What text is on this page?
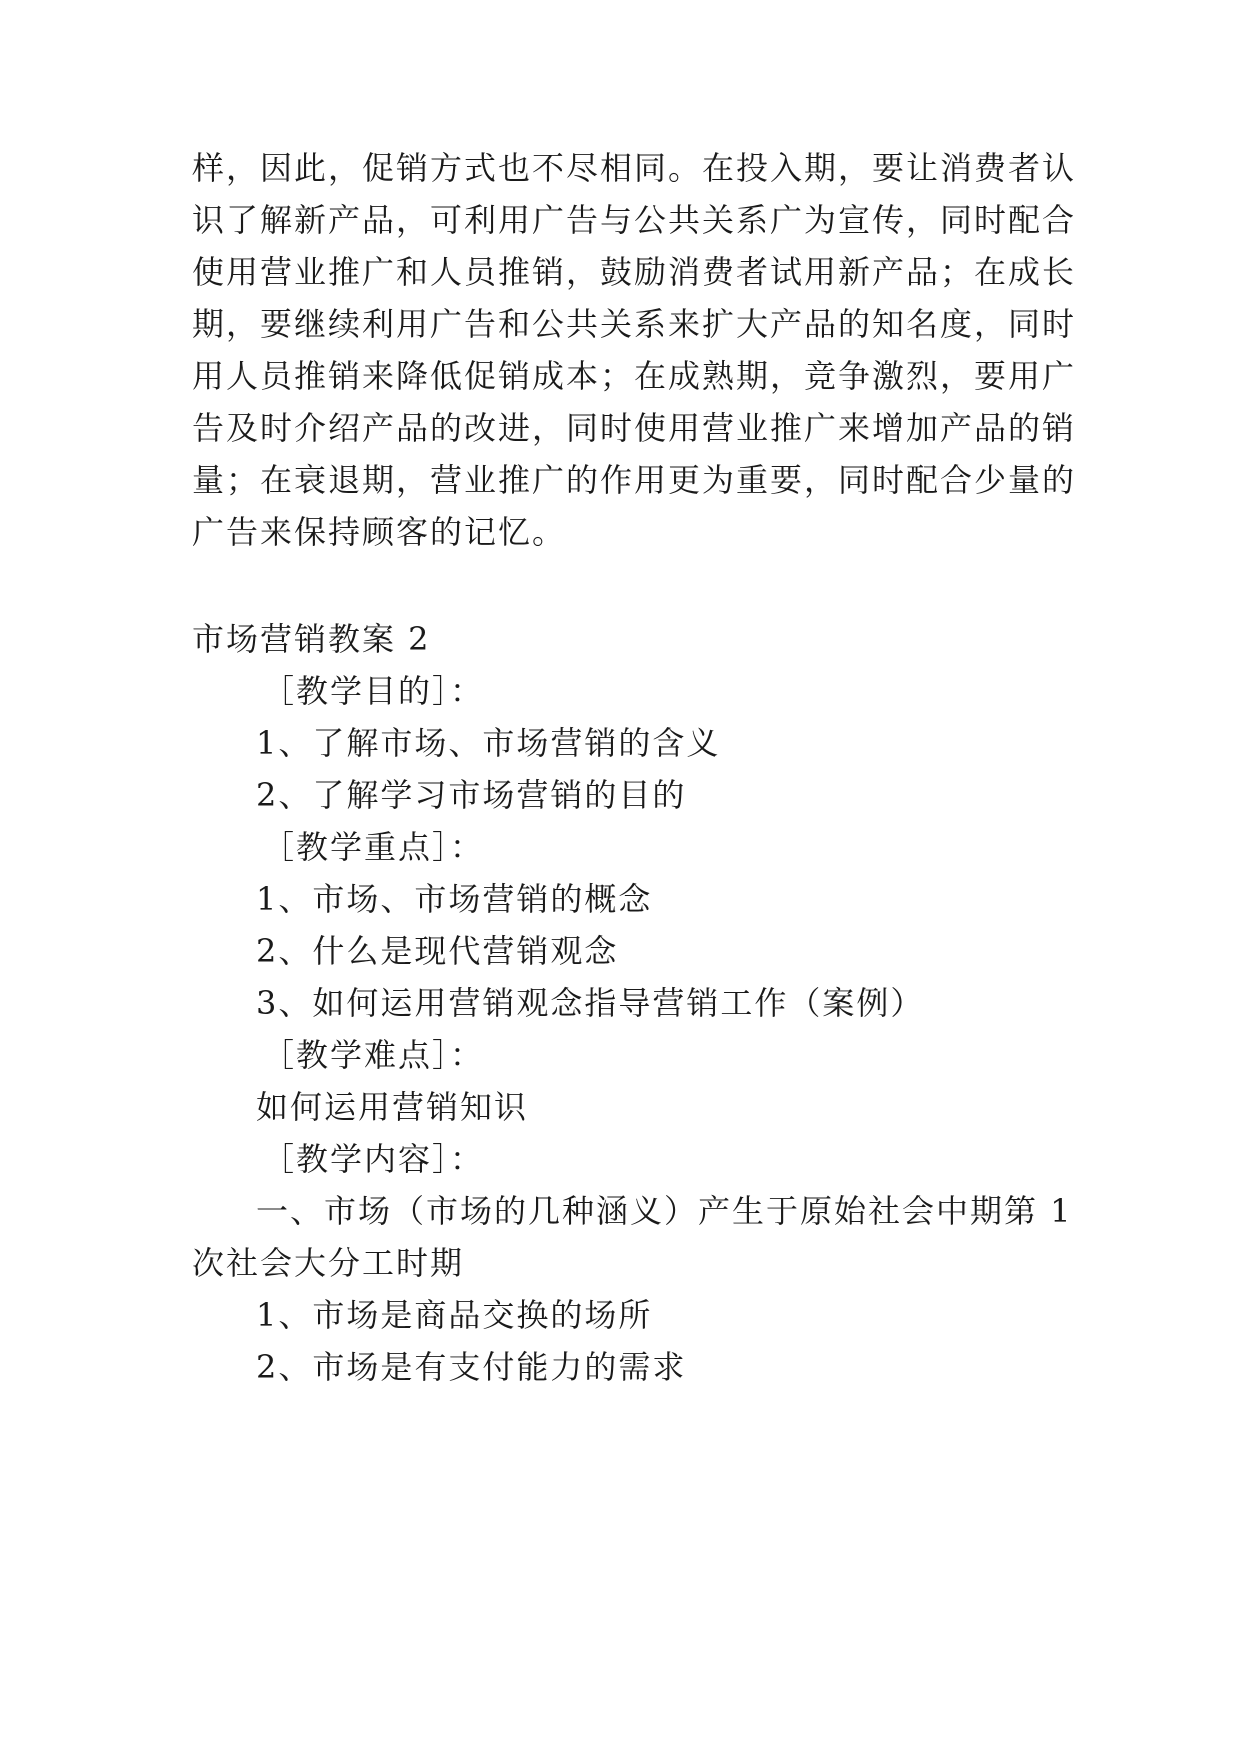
样，因此，促销方式也不尽相同。在投入期，要让消费者认
识了解新产品，可利用广告与公共关系广为宣传，同时配合
使用营业推广和人员推销，鼓励消费者试用新产品；在成长
期，要继续利用广告和公共关系来扩大产品的知名度，同时
用人员推销来降低促销成本；在成熟期，竞争激烈，要用广
告及时介绍产品的改进，同时使用营业推广来增加产品的销
量；在衰退期，营业推广的作用更为重要，同时配合少量的
广告来保持顾客的记忆。
市场营销教案 2
［教学目的］：
1、了解市场、市场营销的含义
2、了解学习市场营销的目的
［教学重点］：
1、市场、市场营销的概念
2、什么是现代营销观念
3、如何运用营销观念指导营销工作（案例）
［教学难点］：
如何运用营销知识
［教学内容］：
一、市场（市场的几种涵义）产生于原始社会中期第 1
次社会大分工时期
1、市场是商品交换的场所
2、市场是有支付能力的需求
